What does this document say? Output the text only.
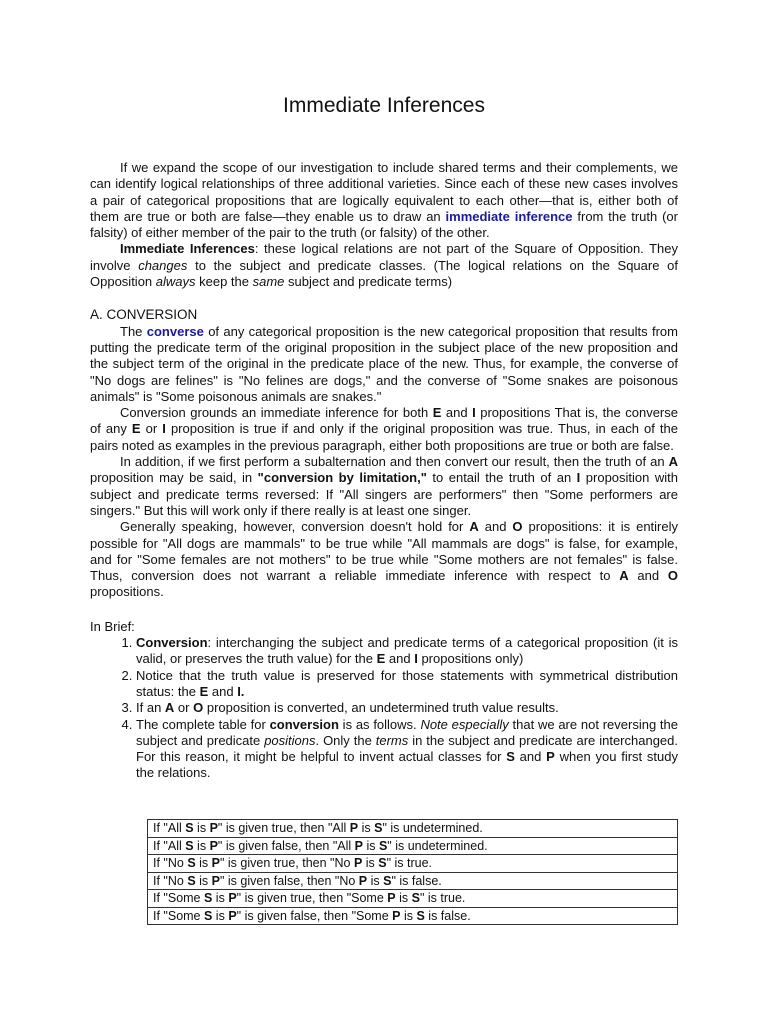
Immediate Inferences

If we expand the scope of our investigation to include shared terms and their complements, we can identify logical relationships of three additional varieties. Since each of these new cases involves a pair of categorical propositions that are logically equivalent to each other—that is, either both of them are true or both are false—they enable us to draw an immediate inference from the truth (or falsity) of either member of the pair to the truth (or falsity) of the other.

Immediate Inferences: these logical relations are not part of the Square of Opposition. They involve changes to the subject and predicate classes. (The logical relations on the Square of Opposition always keep the same subject and predicate terms)

A. CONVERSION

The converse of any categorical proposition is the new categorical proposition that results from putting the predicate term of the original proposition in the subject place of the new proposition and the subject term of the original in the predicate place of the new. Thus, for example, the converse of "No dogs are felines" is "No felines are dogs," and the converse of "Some snakes are poisonous animals" is "Some poisonous animals are snakes."

Conversion grounds an immediate inference for both E and I propositions That is, the converse of any E or I proposition is true if and only if the original proposition was true. Thus, in each of the pairs noted as examples in the previous paragraph, either both propositions are true or both are false.

In addition, if we first perform a subalternation and then convert our result, then the truth of an A proposition may be said, in "conversion by limitation," to entail the truth of an I proposition with subject and predicate terms reversed: If "All singers are performers" then "Some performers are singers." But this will work only if there really is at least one singer.

Generally speaking, however, conversion doesn't hold for A and O propositions: it is entirely possible for "All dogs are mammals" to be true while "All mammals are dogs" is false, for example, and for "Some females are not mothers" to be true while "Some mothers are not females" is false. Thus, conversion does not warrant a reliable immediate inference with respect to A and O propositions.

In Brief:

1. Conversion: interchanging the subject and predicate terms of a categorical proposition (it is valid, or preserves the truth value) for the E and I propositions only)
2. Notice that the truth value is preserved for those statements with symmetrical distribution status: the E and I.
3. If an A or O proposition is converted, an undetermined truth value results.
4. The complete table for conversion is as follows. Note especially that we are not reversing the subject and predicate positions. Only the terms in the subject and predicate are interchanged. For this reason, it might be helpful to invent actual classes for S and P when you first study the relations.
If "All S is P" is given true, then "All P is S" is undetermined.
If "All S is P" is given false, then "All P is S" is undetermined.
If "No S is P" is given true, then "No P is S" is true.
If "No S is P" is given false, then "No P is S" is false.
If "Some S is P" is given true, then "Some P is S" is true.
If "Some S is P" is given false, then "Some P is S is false.
